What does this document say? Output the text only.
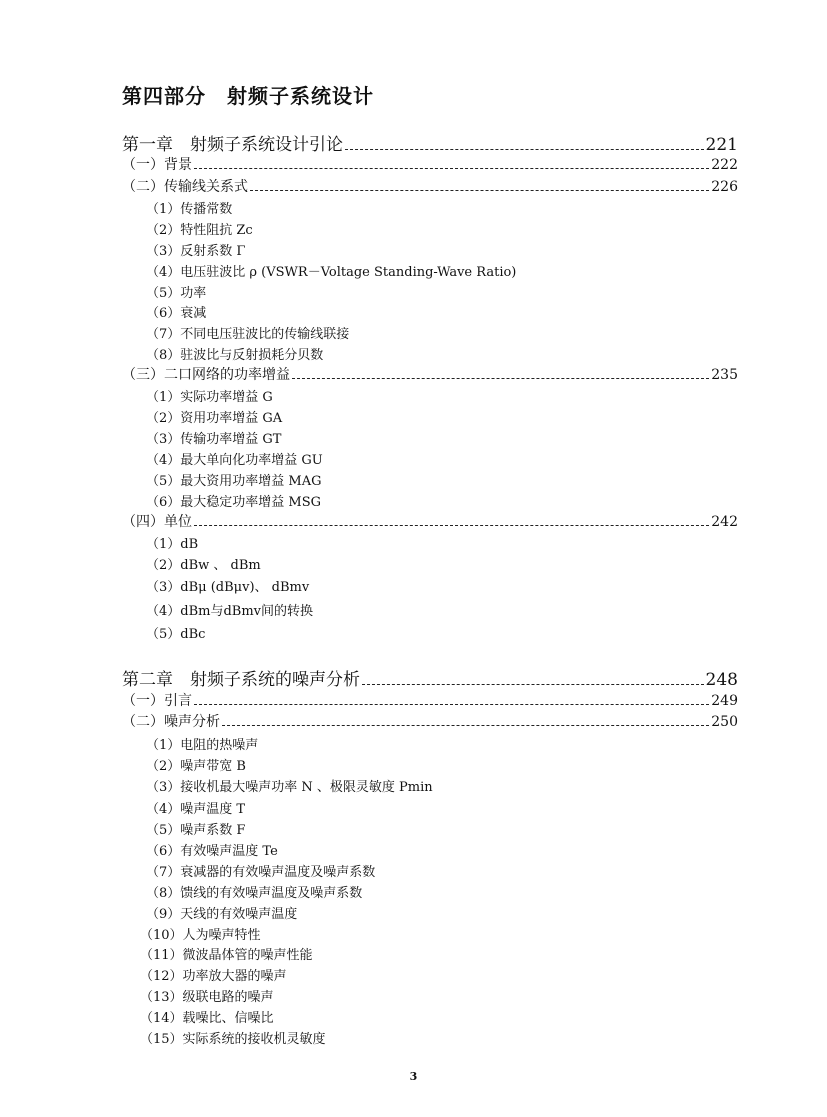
第四部分　射频子系统设计
第一章　射频子系统设计引论	221
（一）背景	222
（二）传输线关系式	226
（1）传播常数
（2）特性阻抗 Zc
（3）反射系数 Γ
（4）电压驻波比 ρ (VSWR－Voltage Standing-Wave Ratio)
（5）功率
（6）衰减
（7）不同电压驻波比的传输线联接
（8）驻波比与反射损耗分贝数
（三）二口网络的功率增益	235
（1）实际功率增益 G
（2）资用功率增益 GA
（3）传输功率增益 GT
（4）最大单向化功率增益 GU
（5）最大资用功率增益 MAG
（6）最大稳定功率增益 MSG
（四）单位	242
（1）dB
（2）dBw 、 dBm
（3）dBμ (dBμv)、 dBmv
（4）dBm与dBmv间的转换
（5）dBc
第二章　射频子系统的噪声分析	248
（一）引言	249
（二）噪声分析	250
（1）电阻的热噪声
（2）噪声带宽 B
（3）接收机最大噪声功率 N 、极限灵敏度 Pmin
（4）噪声温度 T
（5）噪声系数 F
（6）有效噪声温度 Te
（7）衰减器的有效噪声温度及噪声系数
（8）馈线的有效噪声温度及噪声系数
（9）天线的有效噪声温度
（10）人为噪声特性
（11）微波晶体管的噪声性能
（12）功率放大器的噪声
（13）级联电路的噪声
（14）载噪比、信噪比
（15）实际系统的接收机灵敏度
3
